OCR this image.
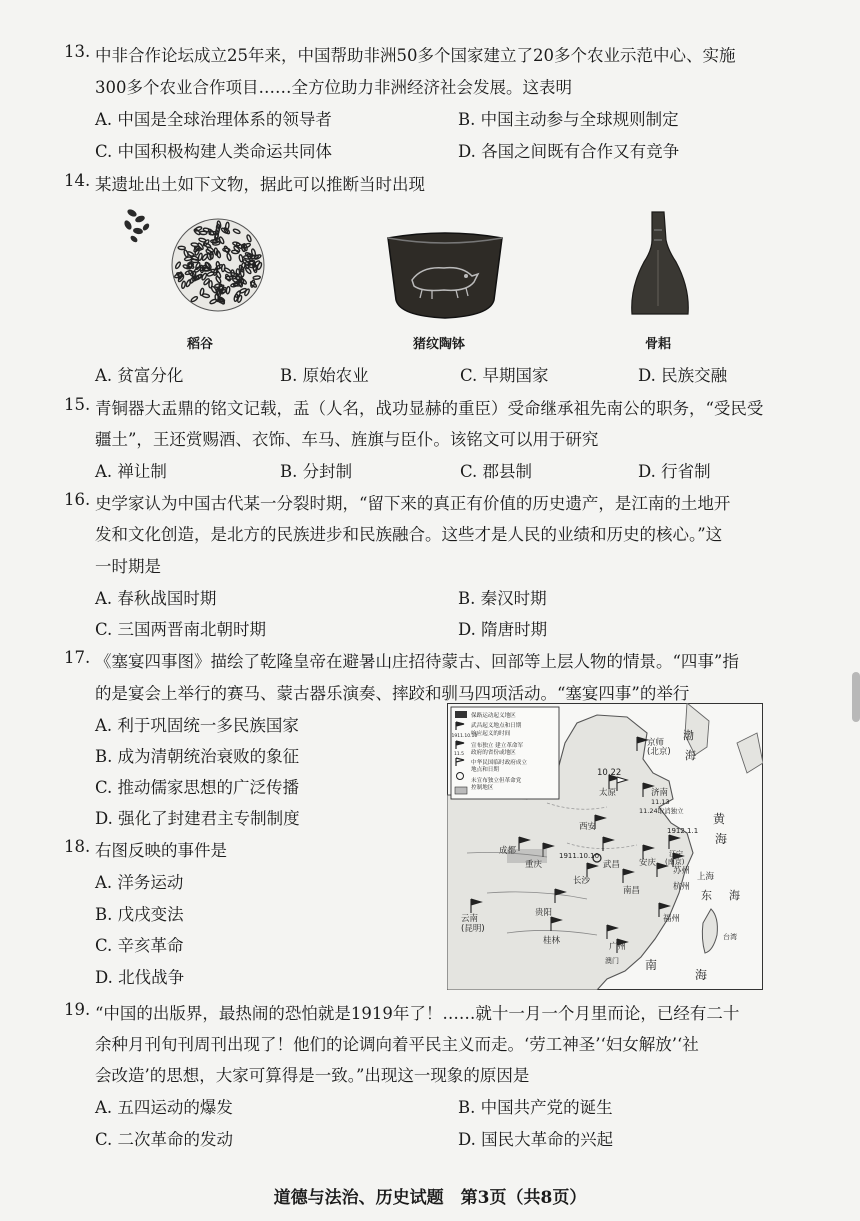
13. 中非合作论坛成立25年来，中国帮助非洲50多个国家建立了20多个农业示范中心、实施
300多个农业合作项目……全方位助力非洲经济社会发展。这表明
A. 中国是全球治理体系的领导者	B. 中国主动参与全球规则制定
C. 中国积极构建人类命运共同体	D. 各国之间既有合作又有竞争
14. 某遗址出土如下文物，据此可以推断当时出现
稻谷	猪纹陶钵	骨耜
A. 贫富分化	B. 原始农业	C. 早期国家	D. 民族交融
15. 青铜器大盂鼎的铭文记载，盂（人名，战功显赫的重臣）受命继承祖先南公的职务，“受民受
疆土”，王还赏赐酒、衣饰、车马、旌旗与臣仆。该铭文可以用于研究
A. 禅让制	B. 分封制	C. 郡县制	D. 行省制
16. 史学家认为中国古代某一分裂时期，“留下来的真正有价值的历史遗产，是江南的土地开
发和文化创造，是北方的民族进步和民族融合。这些才是人民的业绩和历史的核心。”这
一时期是
A. 春秋战国时期	B. 秦汉时期
C. 三国两晋南北朝时期	D. 隋唐时期
17. 《塞宴四事图》描绘了乾隆皇帝在避暑山庄招待蒙古、回部等上层人物的情景。“四事”指
的是宴会上举行的赛马、蒙古器乐演奏、摔跤和驯马四项活动。“塞宴四事”的举行
A. 利于巩固统一多民族国家
B. 成为清朝统治衰败的象征
C. 推动儒家思想的广泛传播
D. 强化了封建君主专制制度
18. 右图反映的事件是
A. 洋务运动
B. 戊戌变法
C. 辛亥革命
D. 北伐战争
保路运动起义地区
武昌起义地点和日期
响应起义的时间
宣布独立 建立革命军
政府的省份或地区
中华民国临时政府成立
地点和日期
未宣布独立但革命党
控制地区
1911.10.10
11.5
京师
(北京)
渤
海
10.22
太原	济南
11.13
11.24取消独立
黄
海
西安	1912.1.1
江宁
(南京)
成都
重庆
1911.10.10
武昌 安庆
苏州
上海
杭州
长沙
南昌	东 海
云南
(昆明)
贵阳
桂林
福州
广州
台湾
澳门 南
海
19. “中国的出版界，最热闹的恐怕就是1919年了！……就十一月一个月里而论，已经有二十
余种月刊旬刊周刊出现了！他们的论调向着平民主义而走。‘劳工神圣’‘妇女解放’‘社
会改造’的思想，大家可算得是一致。”出现这一现象的原因是
A. 五四运动的爆发	B. 中国共产党的诞生
C. 二次革命的发动	D. 国民大革命的兴起
道德与法治、历史试题　第3页（共8页）
